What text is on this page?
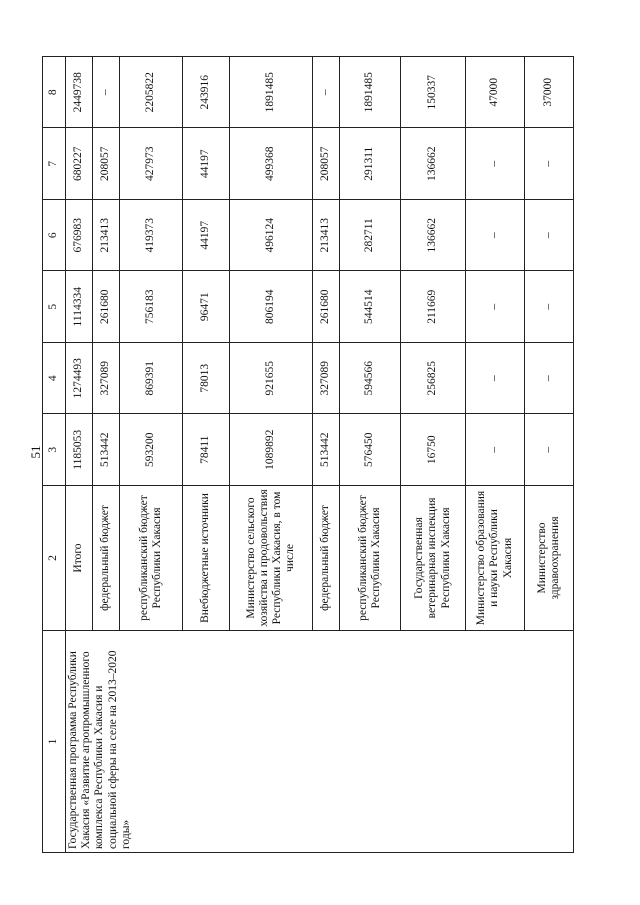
51
1	2	3	4	5	6	7	8
Государственная программа Республики Хакасия «Развитие агропромышленного комплекса Республики Хакасия и социальной сферы на селе на 2013–2020 годы»	Итого	1185053	1274493	1114334	676983	680227	2449738
	федеральный бюджет	513442	327089	261680	213413	208057	–
	республиканский бюджет Республики Хакасия	593200	869391	756183	419373	427973	2205822
	Внебюджетные источники	78411	78013	96471	44197	44197	243916
	Министерство сельского хозяйства и продовольствия Республики Хакасия, в том числе	1089892	921655	806194	496124	499368	1891485
	федеральный бюджет	513442	327089	261680	213413	208057	–
	республиканский бюджет Республики Хакасия	576450	594566	544514	282711	291311	1891485
	Государственная ветеринарная инспекция Республики Хакасия	16750	256825	211669	136662	136662	150337
	Министерство образования и науки Республики Хакасия	–	–	–	–	–	47000
	Министерство здравоохранения	–	–	–	–	–	37000
